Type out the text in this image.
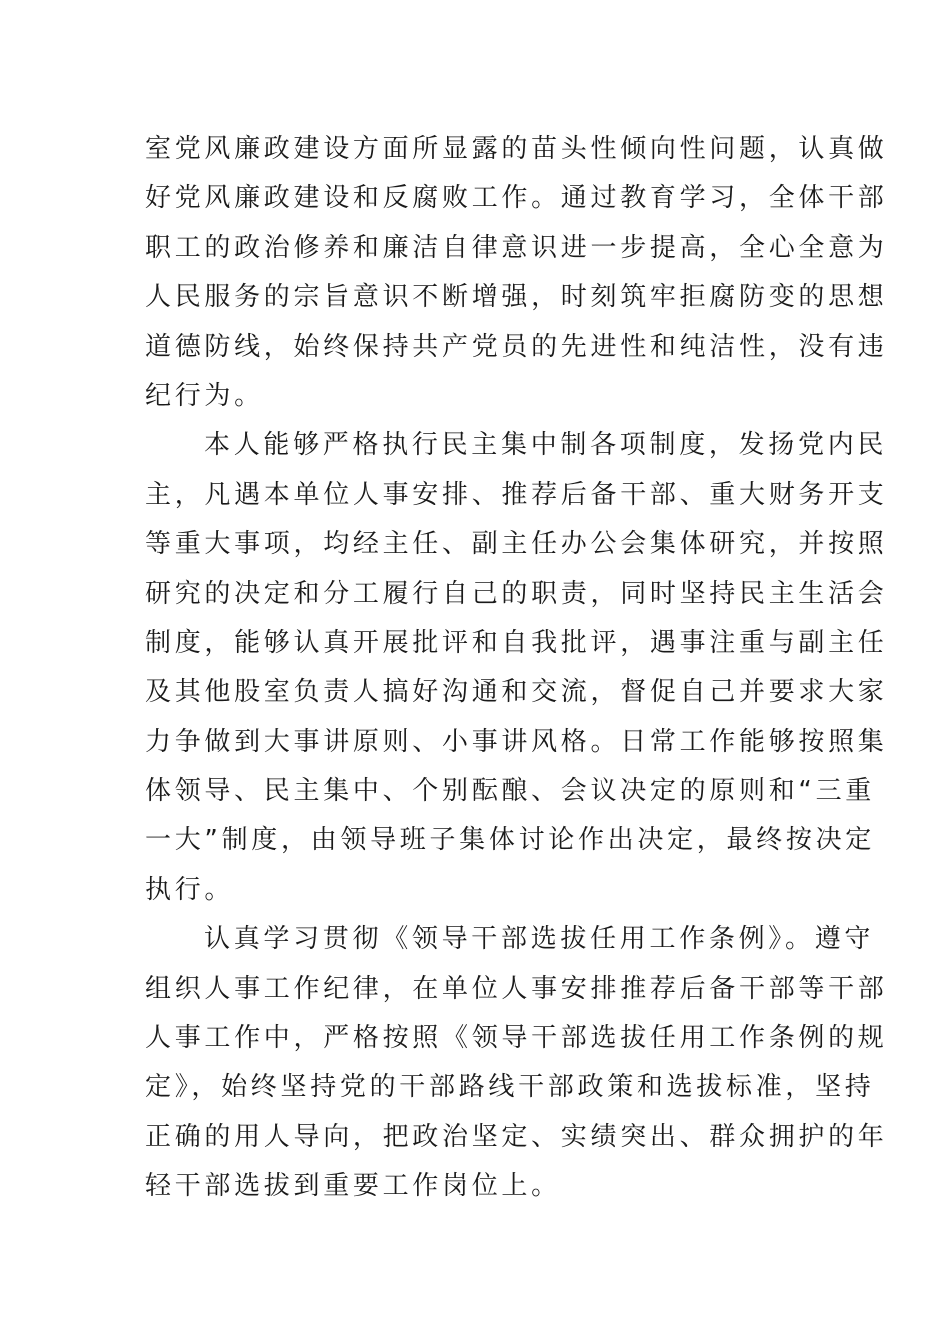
室党风廉政建设方面所显露的苗头性倾向性问题，认真做
好党风廉政建设和反腐败工作。通过教育学习，全体干部
职工的政治修养和廉洁自律意识进一步提高，全心全意为
人民服务的宗旨意识不断增强，时刻筑牢拒腐防变的思想
道德防线，始终保持共产党员的先进性和纯洁性，没有违
纪行为。
本人能够严格执行民主集中制各项制度，发扬党内民
主，凡遇本单位人事安排、推荐后备干部、重大财务开支
等重大事项，均经主任、副主任办公会集体研究，并按照
研究的决定和分工履行自己的职责，同时坚持民主生活会
制度，能够认真开展批评和自我批评，遇事注重与副主任
及其他股室负责人搞好沟通和交流，督促自己并要求大家
力争做到大事讲原则、小事讲风格。日常工作能够按照集
体领导、民主集中、个别酝酿、会议决定的原则和“三重
一大”制度，由领导班子集体讨论作出决定，最终按决定
执行。
认真学习贯彻《领导干部选拔任用工作条例》。遵守
组织人事工作纪律，在单位人事安排推荐后备干部等干部
人事工作中，严格按照《领导干部选拔任用工作条例的规
定》，始终坚持党的干部路线干部政策和选拔标准，坚持
正确的用人导向，把政治坚定、实绩突出、群众拥护的年
轻干部选拔到重要工作岗位上。
